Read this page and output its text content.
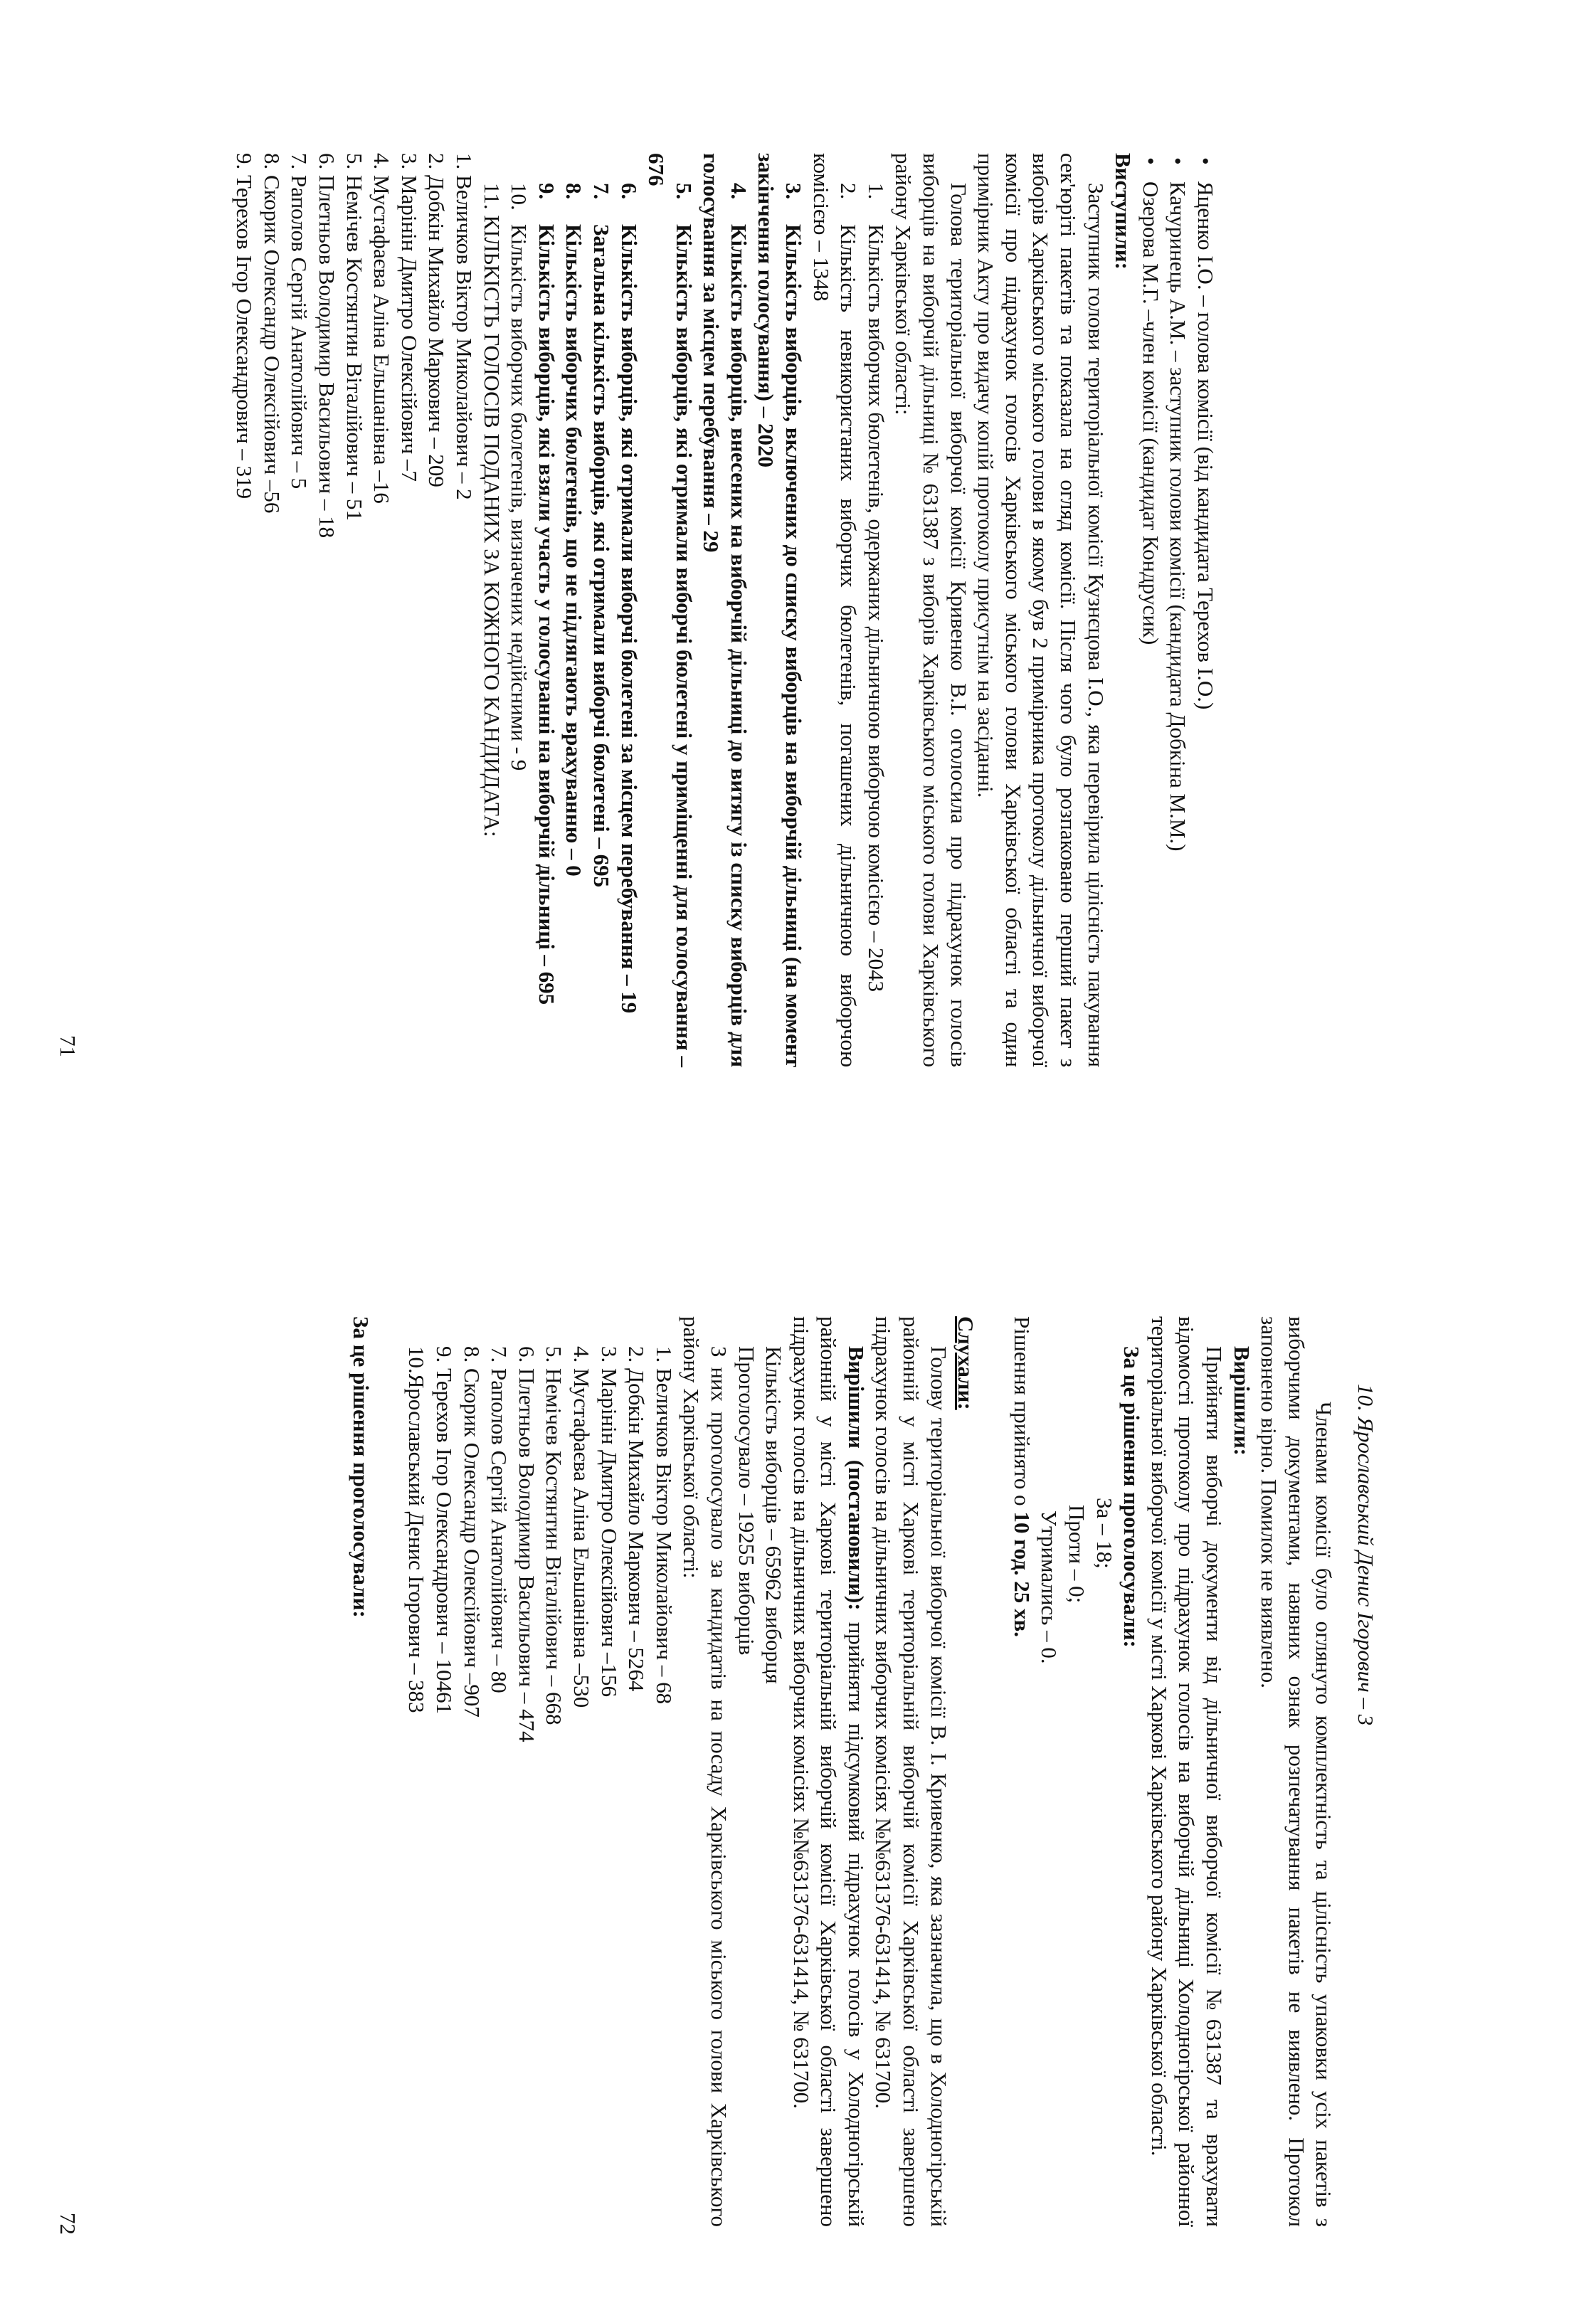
• Яценко І.О. – голова комісії (від кандидата Терехов І.О.)
• Качуринець А.М. – заступник голови комісії (кандидата Добкіна М.М.)
• Озерова М.Г. –член комісії (кандидат Кондрусик)

Виступили:

Заступник голови територіальної комісії Кузнєцова І.О., яка перевірила цілісність пакування сек'юріті пакетів та показала на огляд комісії. Після чого було розпаковано перший пакет з виборів Харківського міського голови в якому був 2 примірника протоколу дільничної виборчої комісії про підрахунок голосів Харківського міського голови Харківської області та один примірник Акту про видачу копій протоколу присутнім на засіданні.

Голова територіальної виборчої комісії Кривенко В.І. оголосила про підрахунок голосів виборців на виборчій дільниці № 631387 з виборів Харківського міського голови Харківського району Харківської області:

1.Кількість виборчих бюлетенів, одержаних дільничною виборчою комісією – 2043

2.Кількість невикористаних виборчих бюлетенів, погашених дільничною виборчою комісією – 1348

3.Кількість виборців, включених до списку виборців на виборчій дільниці (на момент закінчення голосування) – 2020

4.Кількість виборців, внесених на виборчій дільниці до витягу із списку виборців для голосування за місцем перебування – 29

5.Кількість виборців, які отримали виборчі бюлетені у приміщенні для голосування – 676

6.Кількість виборців, які отримали виборчі бюлетені за місцем перебування – 19

7.Загальна кількість виборців, які отримали виборчі бюлетені – 695

8.Кількість виборчих бюлетенів, що не підлягають врахуванню – 0

9.Кількість виборців, які взяли участь у голосуванні на виборчій дільниці – 695

10.Кількість виборчих бюлетенів, визначених недійсними - 9

11. КІЛЬКІСТЬ ГОЛОСІВ ПОДАНИХ ЗА КОЖНОГО КАНДИДАТА:

1. Величков Віктор Миколайович – 2
2. Добкін Михайло Маркович – 209
3. Маpінін Дмитро Олексійович –7
4. Мустафаєва Аліна Ельшанівна –16
5. Немічев Костянтин Віталійович – 51
6. Плетньов Володимир Васильович – 18
7. Раполов Сергій Анатолійович – 5
8. Скорик Олександр Олексійович –56
9. Терехов Ігор Олександрович – 319
71

10. Ярославський Денис Ігорович – 3

Членами комісії було оглянуто комплектність та цілісність упаковки усіх пакетів з виборчими документами, наявних ознак розпечатування пакетів не виявлено. Протокол заповнено вірно. Помилок не виявлено.

Вирішили:

Прийняти виборчі документи від дільничної виборчої комісії №631387 та врахувати відомості протоколу про підрахунок голосів на виборчій дільниці Холодногірської районної територіальної виборчої комісії у місті Харкові Харківського району Харківської області.

За це рішення проголосували:

За – 18;
Проти – 0;
Утримались – 0.

Рішення прийнято о 10 год. 25 хв.

Слухали:

Голову територіальної виборчої комісії В. І. Кривенко, яка зазначила, що в Холодногірській районній у місті Харкові територіальній виборчій комісії Харківської області завершено підрахунок голосів на дільничних виборчих комісіях №№631376-631414, № 631700.

Вирішили (постановили): прийняти підсумковий підрахунок голосів у Холодногірській районній у місті Харкові територіальній виборчій комісії Харківської області завершено підрахунок голосів на дільничних виборчих комісіях №№631376-631414, № 631700.

Кількість виборців – 65962 виборця

Проголосувало – 19255 виборців

З них проголосувало за кандидатів на посаду Харківського міського голови Харківського району Харківської області:

1. Величков Віктор Миколайович – 68
2. Добкін Михайло Маркович – 5264
3. Маpінін Дмитро Олексійович –156
4. Мустафаєва Аліна Ельшанівна –530
5. Немічев Костянтин Віталійович – 668
6. Плетньов Володимир Васильович – 474
7. Раполов Сергій Анатолійович – 80
8. Скорик Олександр Олексійович –907
9. Терехов Ігор Олександрович – 10461
10.Ярославський Денис Ігорович – 383

За це рішення проголосували:

72
